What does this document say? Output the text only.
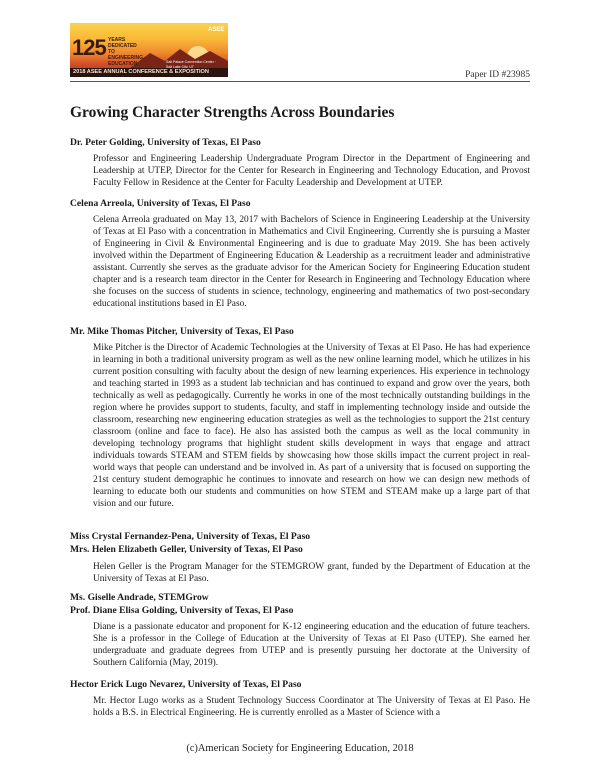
125 YEARS DEDICATED TO ENGINEERING EDUCATION
ASEE
Salt Palace Convention Center · Salt Lake City, UT
2018 ASEE ANNUAL CONFERENCE & EXPOSITION	Paper ID #23985
Growing Character Strengths Across Boundaries
Dr. Peter Golding, University of Texas, El Paso

Professor and Engineering Leadership Undergraduate Program Director in the Department of Engineering and Leadership at UTEP, Director for the Center for Research in Engineering and Technology Education, and Provost Faculty Fellow in Residence at the Center for Faculty Leadership and Development at UTEP.

Celena Arreola, University of Texas, El Paso

Celena Arreola graduated on May 13, 2017 with Bachelors of Science in Engineering Leadership at the University of Texas at El Paso with a concentration in Mathematics and Civil Engineering. Currently she is pursuing a Master of Engineering in Civil & Environmental Engineering and is due to graduate May 2019. She has been actively involved within the Department of Engineering Education & Leadership as a recruitment leader and administrative assistant. Currently she serves as the graduate advisor for the American Society for Engineering Education student chapter and is a research team director in the Center for Research in Engineering and Technology Education where she focuses on the success of students in science, technology, engineering and mathematics of two post-secondary educational institutions based in El Paso.

Mr. Mike Thomas Pitcher, University of Texas, El Paso

Mike Pitcher is the Director of Academic Technologies at the University of Texas at El Paso. He has had experience in learning in both a traditional university program as well as the new online learning model, which he utilizes in his current position consulting with faculty about the design of new learning experiences. His experience in technology and teaching started in 1993 as a student lab technician and has continued to expand and grow over the years, both technically as well as pedagogically. Currently he works in one of the most technically outstanding buildings in the region where he provides support to students, faculty, and staff in implementing technology inside and outside the classroom, researching new engineering education strategies as well as the technologies to support the 21st century classroom (online and face to face). He also has assisted both the campus as well as the local community in developing technology programs that highlight student skills development in ways that engage and attract individuals towards STEAM and STEM fields by showcasing how those skills impact the current project in real-world ways that people can understand and be involved in. As part of a university that is focused on supporting the 21st century student demographic he continues to innovate and research on how we can design new methods of learning to educate both our students and communities on how STEM and STEAM make up a large part of that vision and our future.

Miss Crystal Fernandez-Pena, University of Texas, El Paso
Mrs. Helen Elizabeth Geller, University of Texas, El Paso

Helen Geller is the Program Manager for the STEMGROW grant, funded by the Department of Education at the University of Texas at El Paso.

Ms. Giselle Andrade, STEMGrow
Prof. Diane Elisa Golding, University of Texas, El Paso

Diane is a passionate educator and proponent for K-12 engineering education and the education of future teachers. She is a professor in the College of Education at the University of Texas at El Paso (UTEP). She earned her undergraduate and graduate degrees from UTEP and is presently pursuing her doctorate at the University of Southern California (May, 2019).

Hector Erick Lugo Nevarez, University of Texas, El Paso

Mr. Hector Lugo works as a Student Technology Success Coordinator at The University of Texas at El Paso. He holds a B.S. in Electrical Engineering. He is currently enrolled as a Master of Science with a

(c)American Society for Engineering Education, 2018
